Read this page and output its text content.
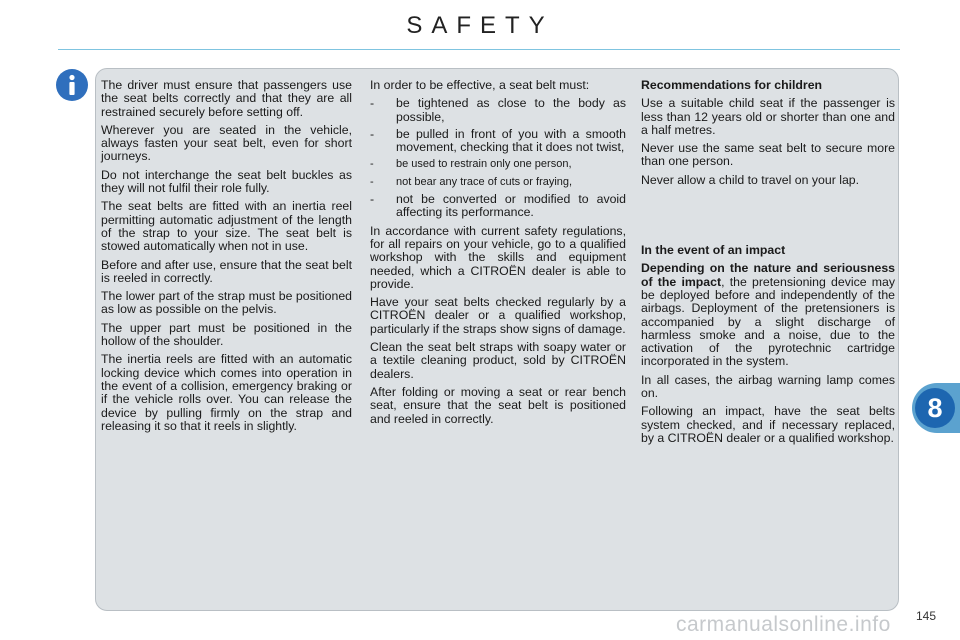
SAFETY

The driver must ensure that passengers use the seat belts correctly and that they are all restrained securely before setting off.

Wherever you are seated in the vehicle, always fasten your seat belt, even for short journeys.

Do not interchange the seat belt buckles as they will not fulfil their role fully.

The seat belts are fitted with an inertia reel permitting automatic adjustment of the length of the strap to your size. The seat belt is stowed automatically when not in use.

Before and after use, ensure that the seat belt is reeled in correctly.

The lower part of the strap must be positioned as low as possible on the pelvis.

The upper part must be positioned in the hollow of the shoulder.

The inertia reels are fitted with an automatic locking device which comes into operation in the event of a collision, emergency braking or if the vehicle rolls over. You can release the device by pulling firmly on the strap and releasing it so that it reels in slightly.

In order to be effective, a seat belt must:

- be tightened as close to the body as possible,
- be pulled in front of you with a smooth movement, checking that it does not twist,
- be used to restrain only one person,
- not bear any trace of cuts or fraying,
- not be converted or modified to avoid affecting its performance.

In accordance with current safety regulations, for all repairs on your vehicle, go to a qualified workshop with the skills and equipment needed, which a CITROËN dealer is able to provide.

Have your seat belts checked regularly by a CITROËN dealer or a qualified workshop, particularly if the straps show signs of damage.

Clean the seat belt straps with soapy water or a textile cleaning product, sold by CITROËN dealers.

After folding or moving a seat or rear bench seat, ensure that the seat belt is positioned and reeled in correctly.

Recommendations for children

Use a suitable child seat if the passenger is less than 12 years old or shorter than one and a half metres.

Never use the same seat belt to secure more than one person.

Never allow a child to travel on your lap.

In the event of an impact

Depending on the nature and seriousness of the impact, the pretensioning device may be deployed before and independently of the airbags. Deployment of the pretensioners is accompanied by a slight discharge of harmless smoke and a noise, due to the activation of the pyrotechnic cartridge incorporated in the system.

In all cases, the airbag warning lamp comes on.

Following an impact, have the seat belts system checked, and if necessary replaced, by a CITROËN dealer or a qualified workshop.

8
carmanualsonline.info 145
